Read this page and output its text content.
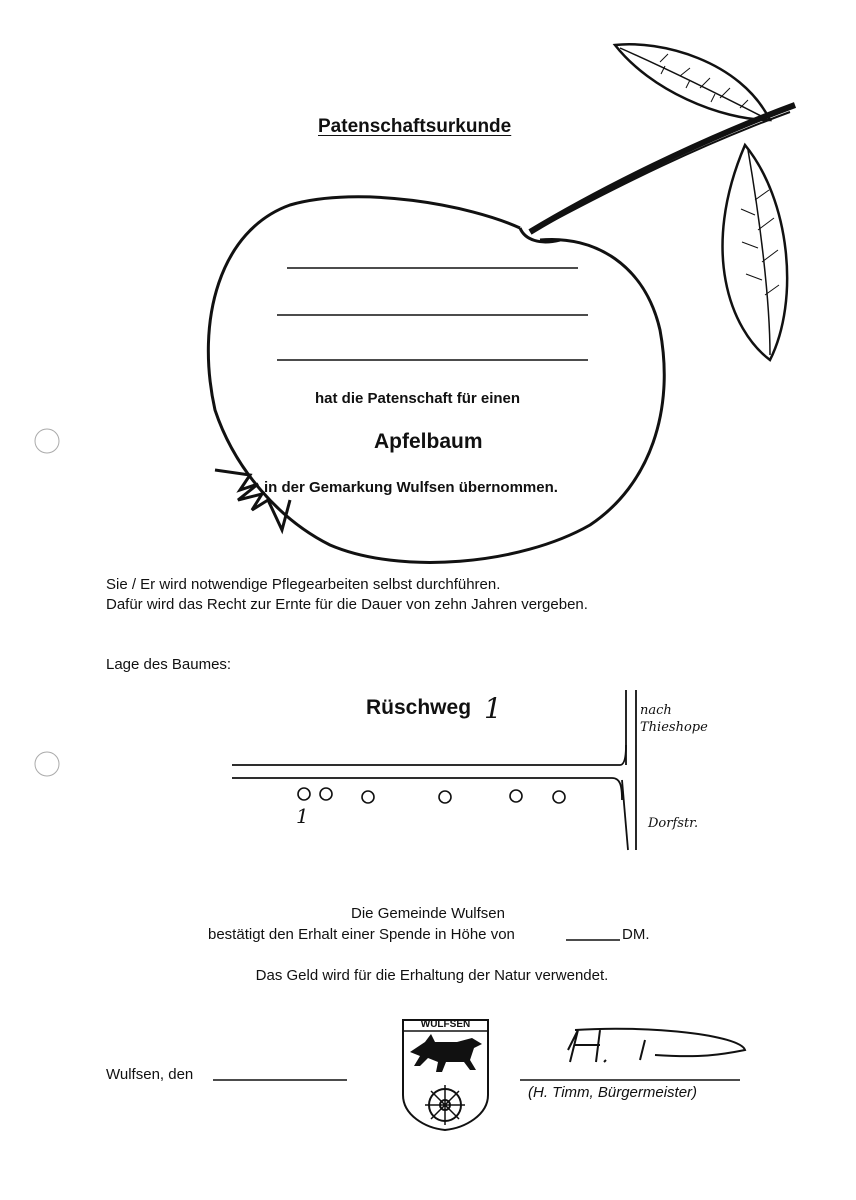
Patenschaftsurkunde
hat die Patenschaft für einen
Apfelbaum
in der Gemarkung Wulfsen übernommen.
Sie / Er wird notwendige Pflegearbeiten selbst durchführen.
Dafür wird das Recht zur Ernte für die Dauer von zehn Jahren vergeben.
Lage des Baumes:
Rüschweg 1	nach
Thieshope
Dorfstr.
1
Die Gemeinde Wulfsen
bestätigt den Erhalt einer Spende in Höhe von	DM.
Das Geld wird für die Erhaltung der Natur verwendet.
Wulfsen, den
WULFSEN
(H. Timm, Bürgermeister)
